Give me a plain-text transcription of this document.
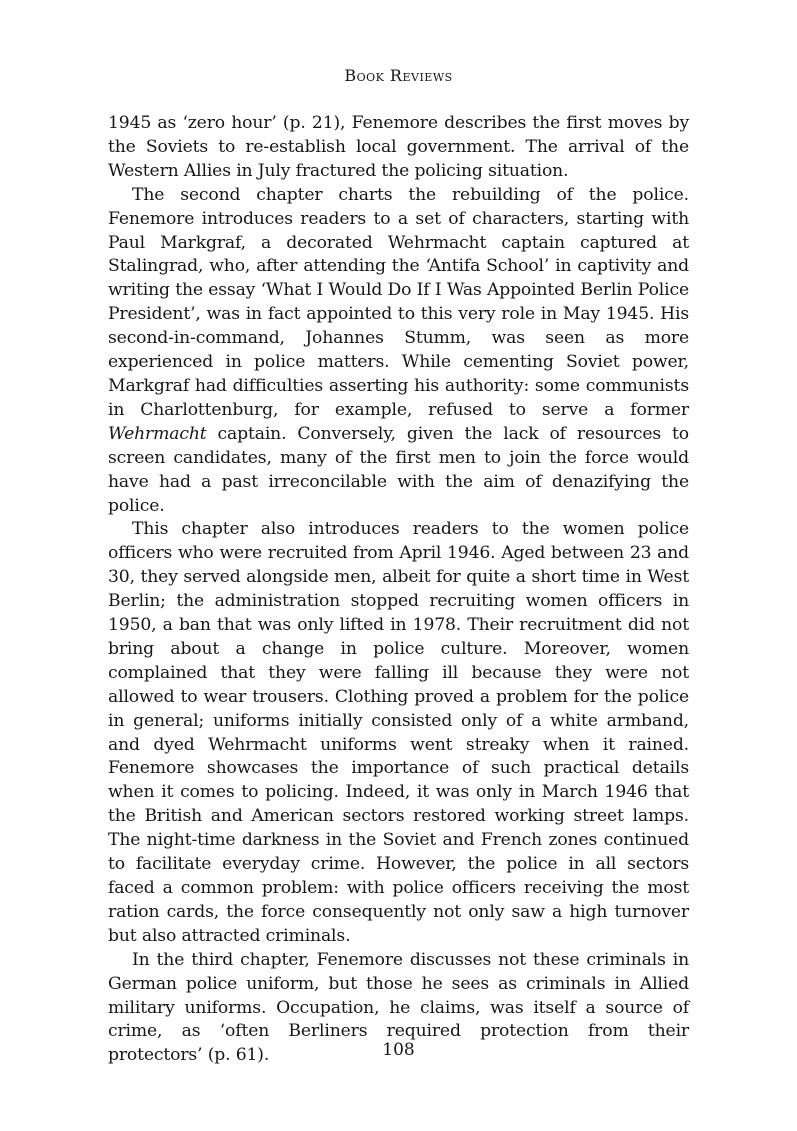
Book Reviews

1945 as ‘zero hour’ (p. 21), Fenemore describes the first moves by the Soviets to re-establish local government. The arrival of the Western Allies in July fractured the policing situation.

The second chapter charts the rebuilding of the police. Fenemore introduces readers to a set of characters, starting with Paul Markgraf, a decorated Wehrmacht captain captured at Stalingrad, who, after attending the ‘Antifa School’ in captivity and writing the essay ‘What I Would Do If I Was Appointed Berlin Police President’, was in fact appointed to this very role in May 1945. His second-in-command, Johannes Stumm, was seen as more experienced in police matters. While cementing Soviet power, Markgraf had difficulties asserting his authority: some communists in Charlottenburg, for example, refused to serve a former Wehrmacht captain. Conversely, given the lack of resources to screen candidates, many of the first men to join the force would have had a past irreconcilable with the aim of denazifying the police.

This chapter also introduces readers to the women police officers who were recruited from April 1946. Aged between 23 and 30, they served alongside men, albeit for quite a short time in West Berlin; the administration stopped recruiting women officers in 1950, a ban that was only lifted in 1978. Their recruitment did not bring about a change in police culture. Moreover, women complained that they were falling ill because they were not allowed to wear trousers. Clothing proved a problem for the police in general; uniforms initially consisted only of a white armband, and dyed Wehrmacht uniforms went streaky when it rained. Fenemore showcases the importance of such practical details when it comes to policing. Indeed, it was only in March 1946 that the British and American sectors restored working street lamps. The night-time darkness in the Soviet and French zones continued to facilitate everyday crime. However, the police in all sectors faced a common problem: with police officers receiving the most ration cards, the force consequently not only saw a high turnover but also attracted criminals.

In the third chapter, Fenemore discusses not these criminals in German police uniform, but those he sees as criminals in Allied military uniforms. Occupation, he claims, was itself a source of crime, as ‘often Berliners required protection from their protectors’ (p. 61).	108
